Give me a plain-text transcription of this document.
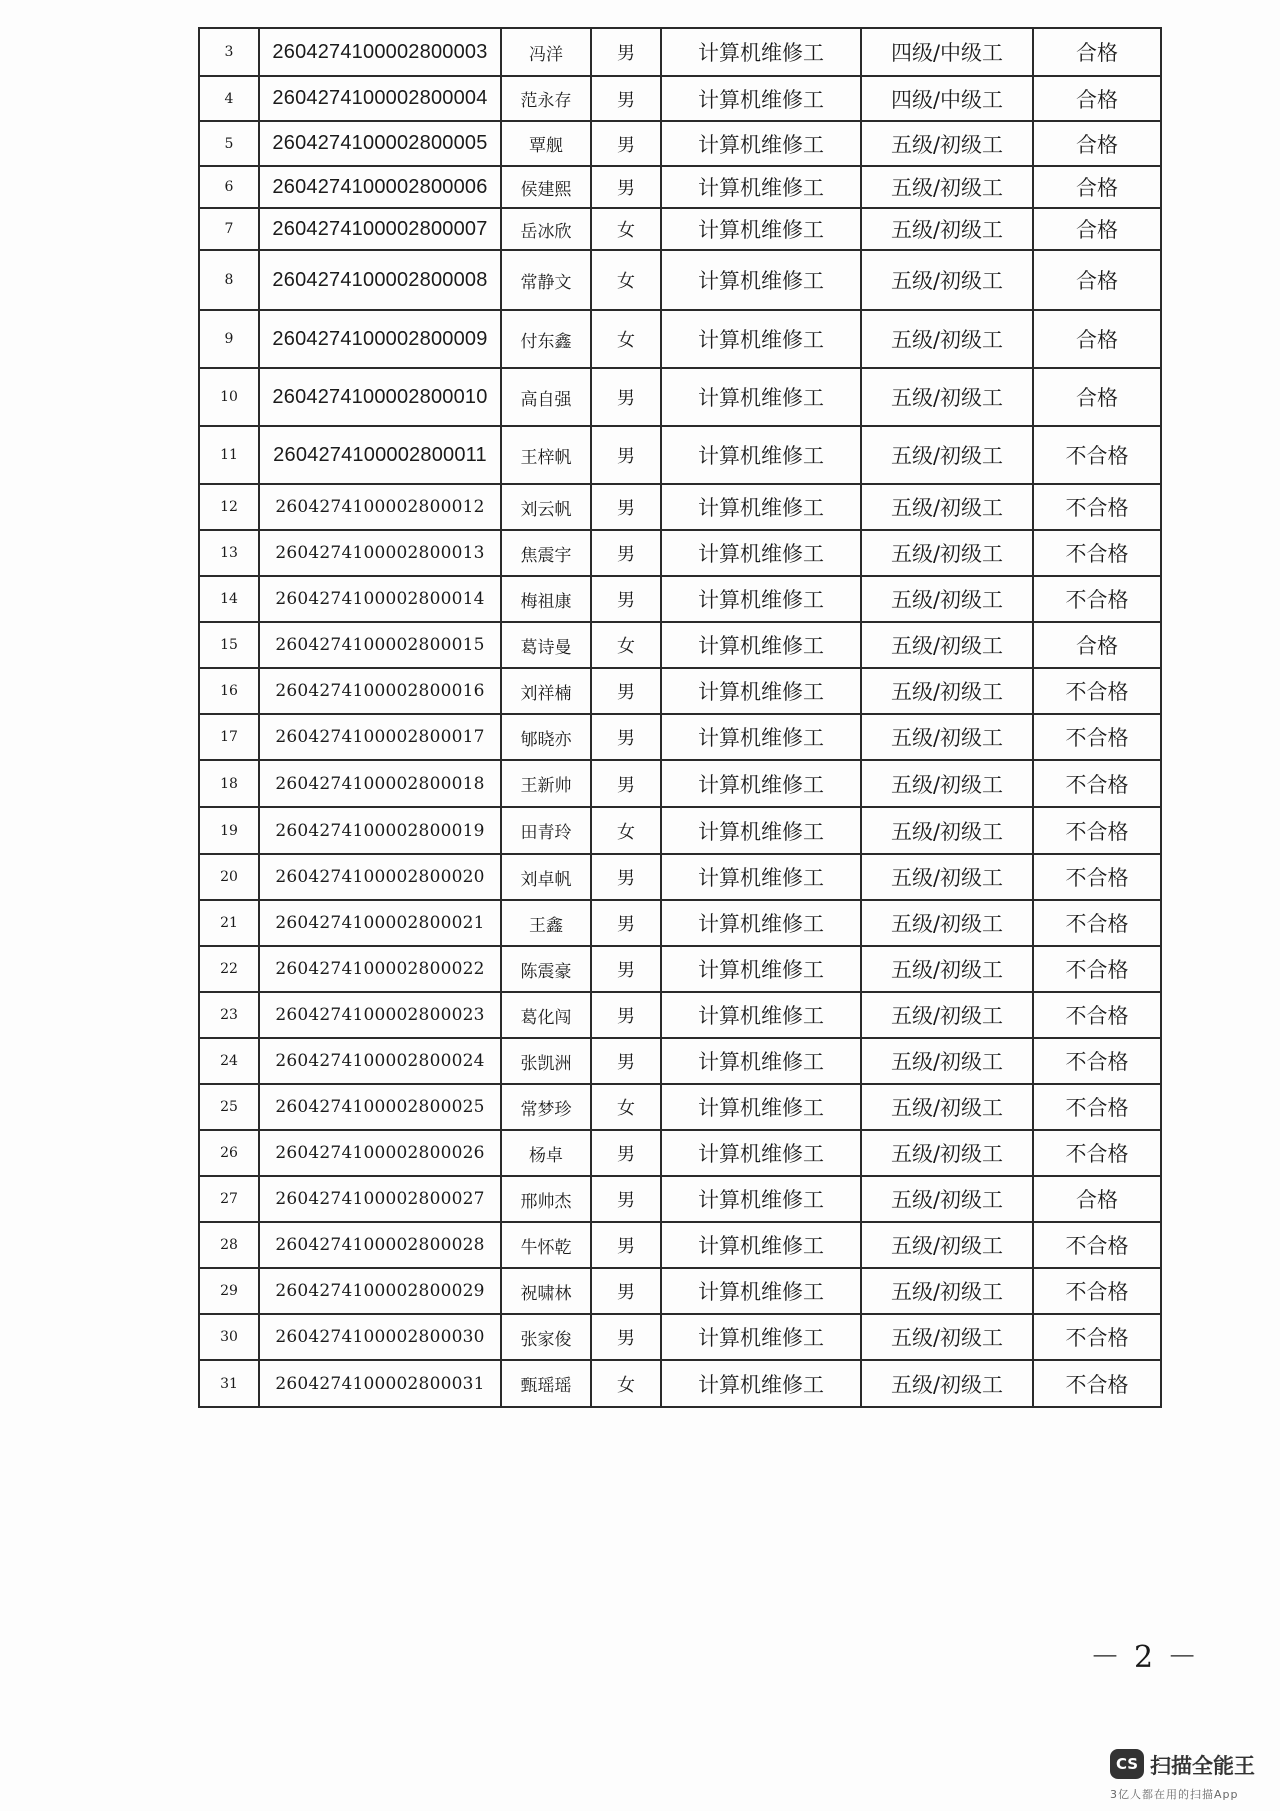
3	2604274100002800003	冯洋	男	计算机维修工	四级/中级工	合格
4	2604274100002800004	范永存	男	计算机维修工	四级/中级工	合格
5	2604274100002800005	覃舰	男	计算机维修工	五级/初级工	合格
6	2604274100002800006	侯建熙	男	计算机维修工	五级/初级工	合格
7	2604274100002800007	岳冰欣	女	计算机维修工	五级/初级工	合格
8	2604274100002800008	常静文	女	计算机维修工	五级/初级工	合格
9	2604274100002800009	付东鑫	女	计算机维修工	五级/初级工	合格
10	2604274100002800010	高自强	男	计算机维修工	五级/初级工	合格
11	2604274100002800011	王梓帆	男	计算机维修工	五级/初级工	不合格
12	2604274100002800012	刘云帆	男	计算机维修工	五级/初级工	不合格
13	2604274100002800013	焦震宇	男	计算机维修工	五级/初级工	不合格
14	2604274100002800014	梅祖康	男	计算机维修工	五级/初级工	不合格
15	2604274100002800015	葛诗曼	女	计算机维修工	五级/初级工	合格
16	2604274100002800016	刘祥楠	男	计算机维修工	五级/初级工	不合格
17	2604274100002800017	郇晓亦	男	计算机维修工	五级/初级工	不合格
18	2604274100002800018	王新帅	男	计算机维修工	五级/初级工	不合格
19	2604274100002800019	田青玲	女	计算机维修工	五级/初级工	不合格
20	2604274100002800020	刘卓帆	男	计算机维修工	五级/初级工	不合格
21	2604274100002800021	王鑫	男	计算机维修工	五级/初级工	不合格
22	2604274100002800022	陈震豪	男	计算机维修工	五级/初级工	不合格
23	2604274100002800023	葛化闯	男	计算机维修工	五级/初级工	不合格
24	2604274100002800024	张凯洲	男	计算机维修工	五级/初级工	不合格
25	2604274100002800025	常梦珍	女	计算机维修工	五级/初级工	不合格
26	2604274100002800026	杨卓	男	计算机维修工	五级/初级工	不合格
27	2604274100002800027	邢帅杰	男	计算机维修工	五级/初级工	合格
28	2604274100002800028	牛怀乾	男	计算机维修工	五级/初级工	不合格
29	2604274100002800029	祝啸林	男	计算机维修工	五级/初级工	不合格
30	2604274100002800030	张家俊	男	计算机维修工	五级/初级工	不合格
31	2604274100002800031	甄瑶瑶	女	计算机维修工	五级/初级工	不合格
－2－
CS 扫描全能王
3亿人都在用的扫描App
